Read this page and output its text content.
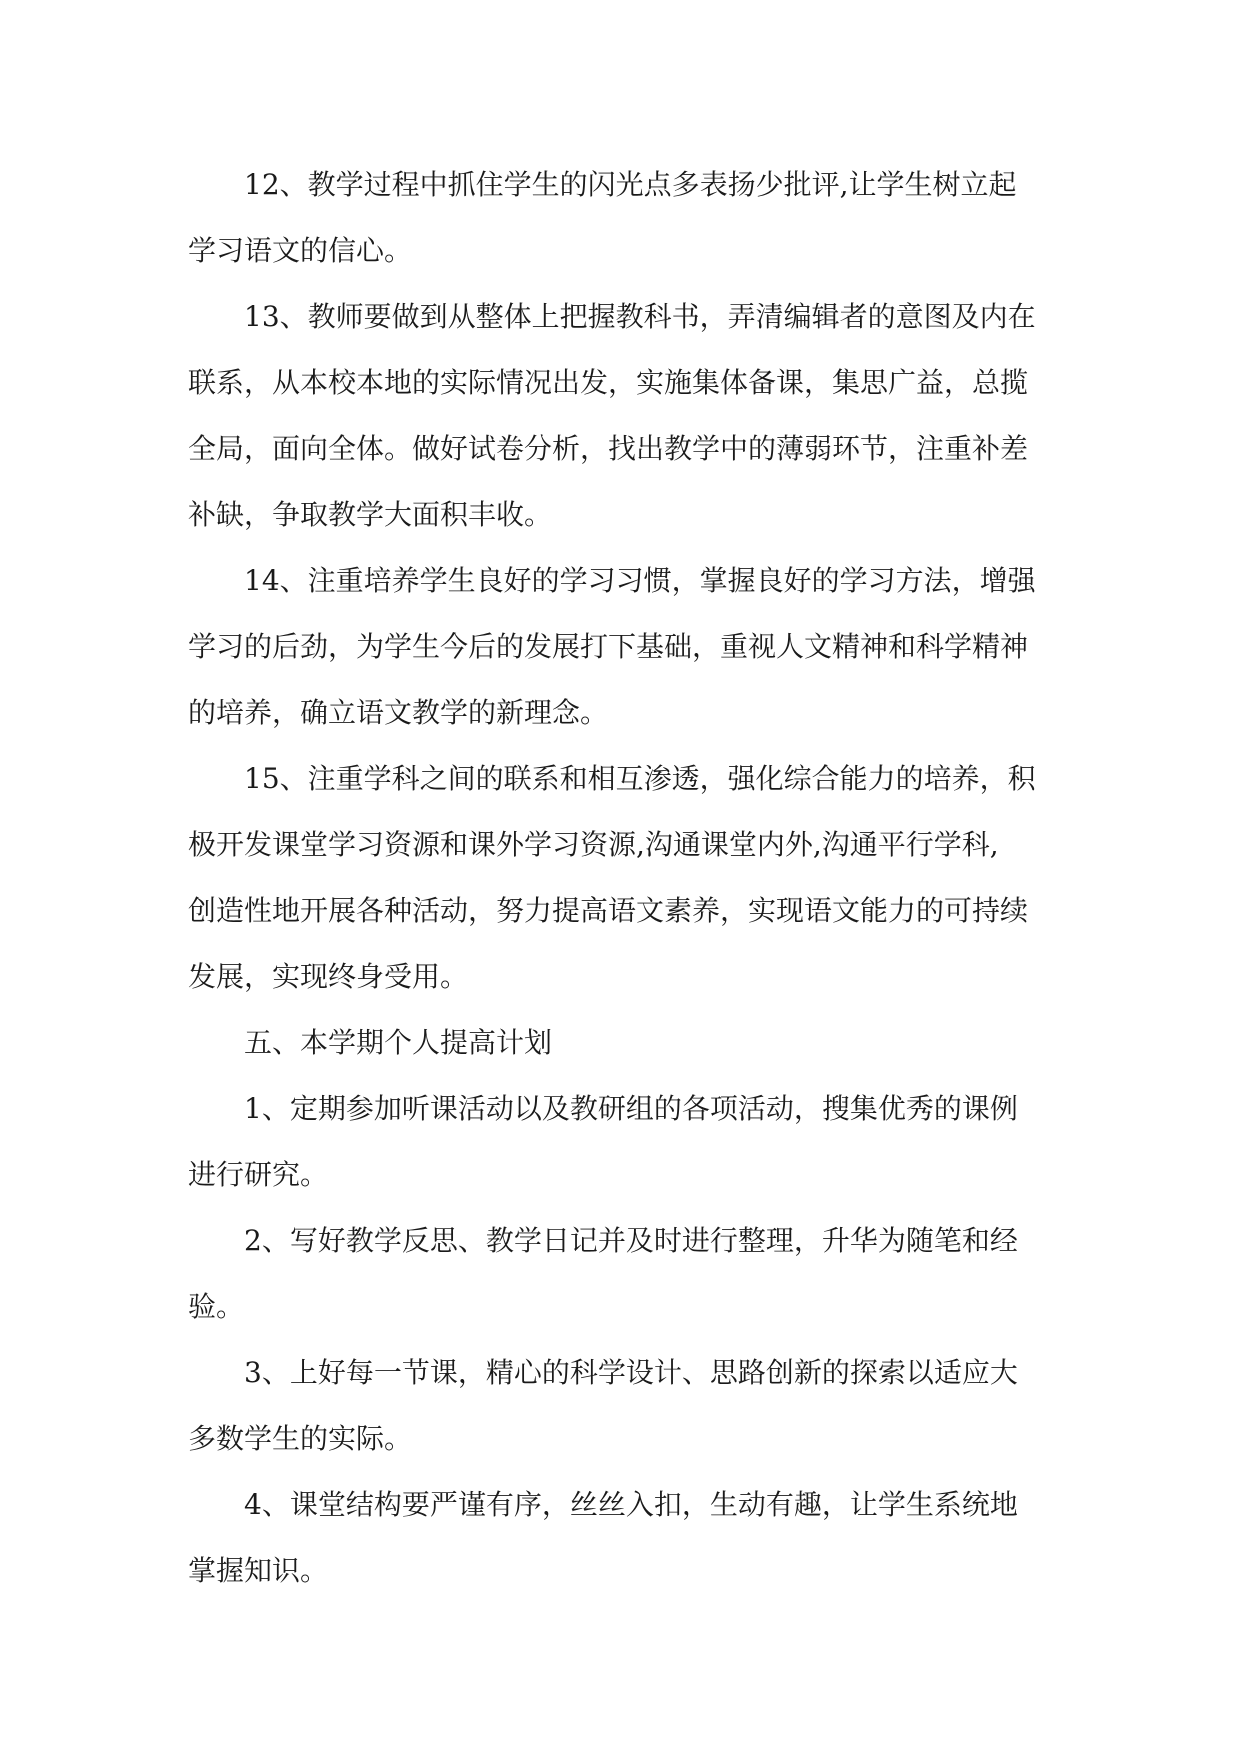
12、教学过程中抓住学生的闪光点多表扬少批评,让学生树立起
学习语文的信心。
13、教师要做到从整体上把握教科书，弄清编辑者的意图及内在
联系，从本校本地的实际情况出发，实施集体备课，集思广益，总揽
全局，面向全体。做好试卷分析，找出教学中的薄弱环节，注重补差
补缺，争取教学大面积丰收。
14、注重培养学生良好的学习习惯，掌握良好的学习方法，增强
学习的后劲，为学生今后的发展打下基础，重视人文精神和科学精神
的培养，确立语文教学的新理念。
15、注重学科之间的联系和相互渗透，强化综合能力的培养，积
极开发课堂学习资源和课外学习资源,沟通课堂内外,沟通平行学科,
创造性地开展各种活动，努力提高语文素养，实现语文能力的可持续
发展，实现终身受用。
五、本学期个人提高计划
1、定期参加听课活动以及教研组的各项活动，搜集优秀的课例
进行研究。
2、写好教学反思、教学日记并及时进行整理，升华为随笔和经
验。
3、上好每一节课，精心的科学设计、思路创新的探索以适应大
多数学生的实际。
4、课堂结构要严谨有序，丝丝入扣，生动有趣，让学生系统地
掌握知识。
